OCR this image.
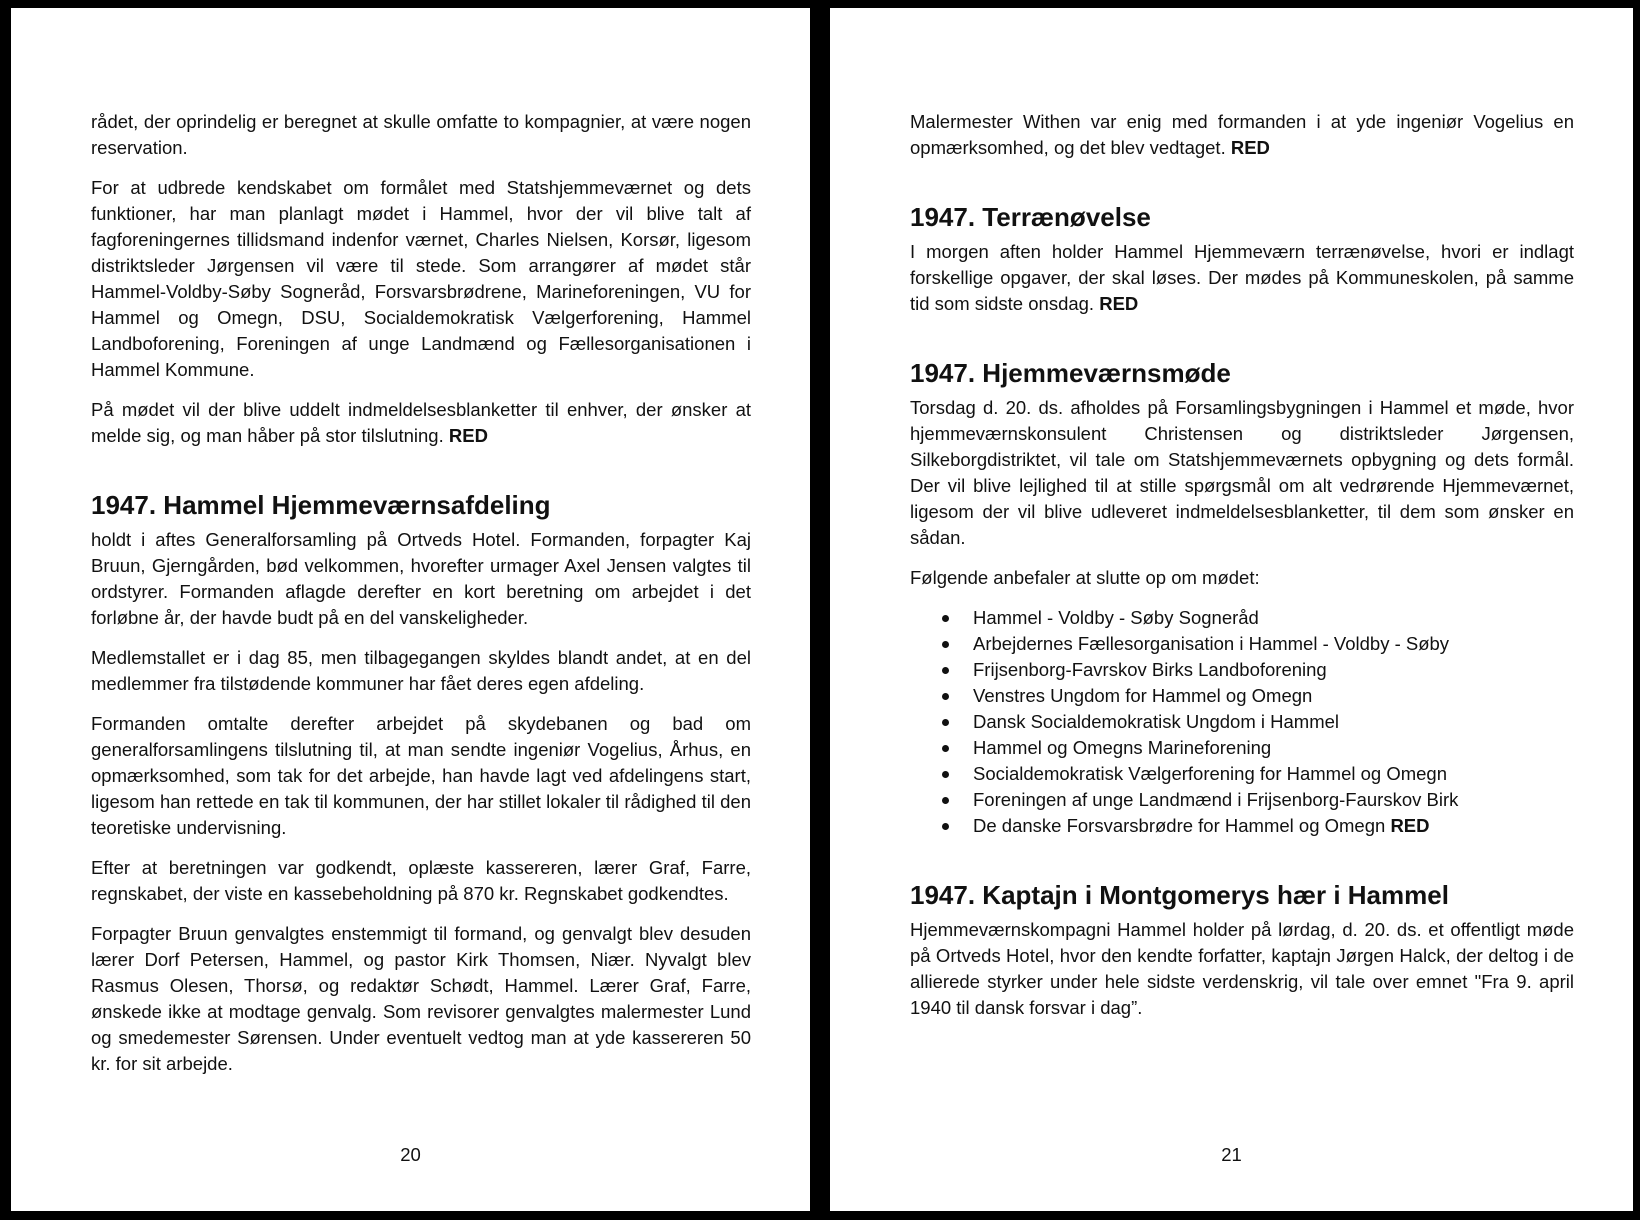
rådet, der oprindelig er beregnet at skulle omfatte to kompagnier, at være nogen reservation.

For at udbrede kendskabet om formålet med Statshjemmeværnet og dets funktioner, har man planlagt mødet i Hammel, hvor der vil blive talt af fagforeningernes tillidsmand indenfor værnet, Charles Nielsen, Korsør, ligesom distriktsleder Jørgensen vil være til stede. Som arrangører af mødet står Hammel-Voldby-Søby Sogneråd, Forsvarsbrødrene, Marineforeningen, VU for Hammel og Omegn, DSU, Socialdemokratisk Vælgerforening, Hammel Landboforening, Foreningen af unge Landmænd og Fællesorganisationen i Hammel Kommune.

På mødet vil der blive uddelt indmeldelsesblanketter til enhver, der ønsker at melde sig, og man håber på stor tilslutning. RED

1947. Hammel Hjemmeværnsafdeling

holdt i aftes Generalforsamling på Ortveds Hotel. Formanden, forpagter Kaj Bruun, Gjerngården, bød velkommen, hvorefter urmager Axel Jensen valgtes til ordstyrer. Formanden aflagde derefter en kort beretning om arbejdet i det forløbne år, der havde budt på en del vanskeligheder.

Medlemstallet er i dag 85, men tilbagegangen skyldes blandt andet, at en del medlemmer fra tilstødende kommuner har fået deres egen afdeling.

Formanden omtalte derefter arbejdet på skydebanen og bad om generalforsamlingens tilslutning til, at man sendte ingeniør Vogelius, Århus, en opmærksomhed, som tak for det arbejde, han havde lagt ved afdelingens start, ligesom han rettede en tak til kommunen, der har stillet lokaler til rådighed til den teoretiske undervisning.

Efter at beretningen var godkendt, oplæste kassereren, lærer Graf, Farre, regnskabet, der viste en kassebeholdning på 870 kr. Regnskabet godkendtes.

Forpagter Bruun genvalgtes enstemmigt til formand, og genvalgt blev desuden lærer Dorf Petersen, Hammel, og pastor Kirk Thomsen, Niær. Nyvalgt blev Rasmus Olesen, Thorsø, og redaktør Schødt, Hammel. Lærer Graf, Farre, ønskede ikke at modtage genvalg. Som revisorer genvalgtes malermester Lund og smedemester Sørensen. Under eventuelt vedtog man at yde kassereren 50 kr. for sit arbejde.

20

Malermester Withen var enig med formanden i at yde ingeniør Vogelius en opmærksomhed, og det blev vedtaget. RED

1947. Terrænøvelse

I morgen aften holder Hammel Hjemmeværn terrænøvelse, hvori er indlagt forskellige opgaver, der skal løses. Der mødes på Kommuneskolen, på samme tid som sidste onsdag. RED

1947. Hjemmeværnsmøde

Torsdag d. 20. ds. afholdes på Forsamlingsbygningen i Hammel et møde, hvor hjemmeværnskonsulent Christensen og distriktsleder Jørgensen, Silkeborgdistriktet, vil tale om Statshjemmeværnets opbygning og dets formål. Der vil blive lejlighed til at stille spørgsmål om alt vedrørende Hjemmeværnet, ligesom der vil blive udleveret indmeldelsesblanketter, til dem som ønsker en sådan.

Følgende anbefaler at slutte op om mødet:

Hammel - Voldby - Søby Sogneråd
Arbejdernes Fællesorganisation i Hammel - Voldby - Søby
Frijsenborg-Favrskov Birks Landboforening
Venstres Ungdom for Hammel og Omegn
Dansk Socialdemokratisk Ungdom i Hammel
Hammel og Omegns Marineforening
Socialdemokratisk Vælgerforening for Hammel og Omegn
Foreningen af unge Landmænd i Frijsenborg-Faurskov Birk
De danske Forsvarsbrødre for Hammel og Omegn RED
1947. Kaptajn i Montgomerys hær i Hammel

Hjemmeværnskompagni Hammel holder på lørdag, d. 20. ds. et offentligt møde på Ortveds Hotel, hvor den kendte forfatter, kaptajn Jørgen Halck, der deltog i de allierede styrker under hele sidste verdenskrig, vil tale over emnet "Fra 9. april 1940 til dansk forsvar i dag”.

21
